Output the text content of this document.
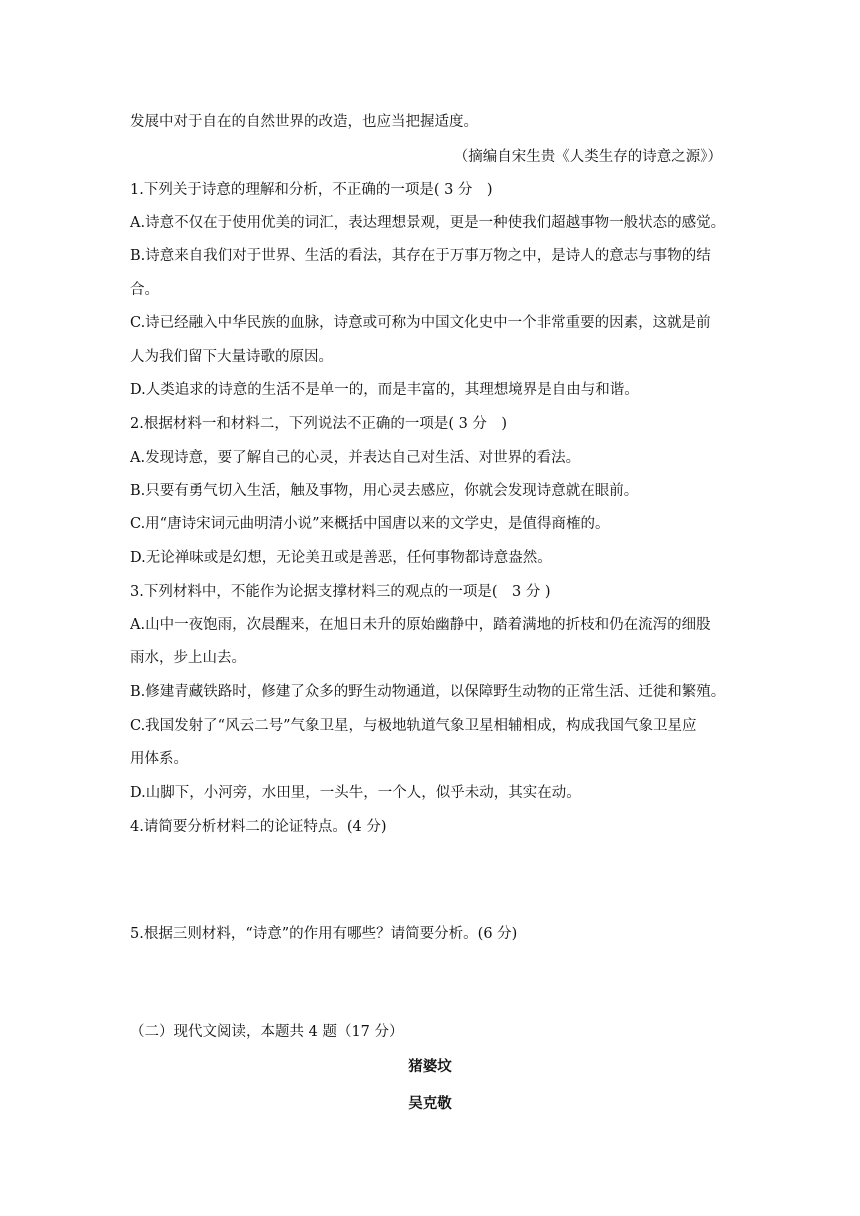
发展中对于自在的自然世界的改造，也应当把握适度。
（摘编自宋生贵《人类生存的诗意之源》）
1.下列关于诗意的理解和分析，不正确的一项是( 3 分　)
A.诗意不仅在于使用优美的词汇，表达理想景观，更是一种使我们超越事物一般状态的感觉。
B.诗意来自我们对于世界、生活的看法，其存在于万事万物之中，是诗人的意志与事物的结
合。
C.诗已经融入中华民族的血脉，诗意或可称为中国文化史中一个非常重要的因素，这就是前
人为我们留下大量诗歌的原因。
D.人类追求的诗意的生活不是单一的，而是丰富的，其理想境界是自由与和谐。
2.根据材料一和材料二，下列说法不正确的一项是( 3 分　)
A.发现诗意，要了解自己的心灵，并表达自己对生活、对世界的看法。
B.只要有勇气切入生活，触及事物，用心灵去感应，你就会发现诗意就在眼前。
C.用“唐诗宋词元曲明清小说”来概括中国唐以来的文学史，是值得商榷的。
D.无论禅味或是幻想，无论美丑或是善恶，任何事物都诗意盎然。
3.下列材料中，不能作为论据支撑材料三的观点的一项是(　3 分 )
A.山中一夜饱雨，次晨醒来，在旭日未升的原始幽静中，踏着满地的折枝和仍在流泻的细股
雨水，步上山去。
B.修建青藏铁路时，修建了众多的野生动物通道，以保障野生动物的正常生活、迁徙和繁殖。
C.我国发射了“风云二号”气象卫星，与极地轨道气象卫星相辅相成，构成我国气象卫星应
用体系。
D.山脚下，小河旁，水田里，一头牛，一个人，似乎未动，其实在动。
4.请简要分析材料二的论证特点。(4 分)
5.根据三则材料，“诗意”的作用有哪些？请简要分析。(6 分)
（二）现代文阅读，本题共 4 题（17 分）
猪婆坟
吴克敬
